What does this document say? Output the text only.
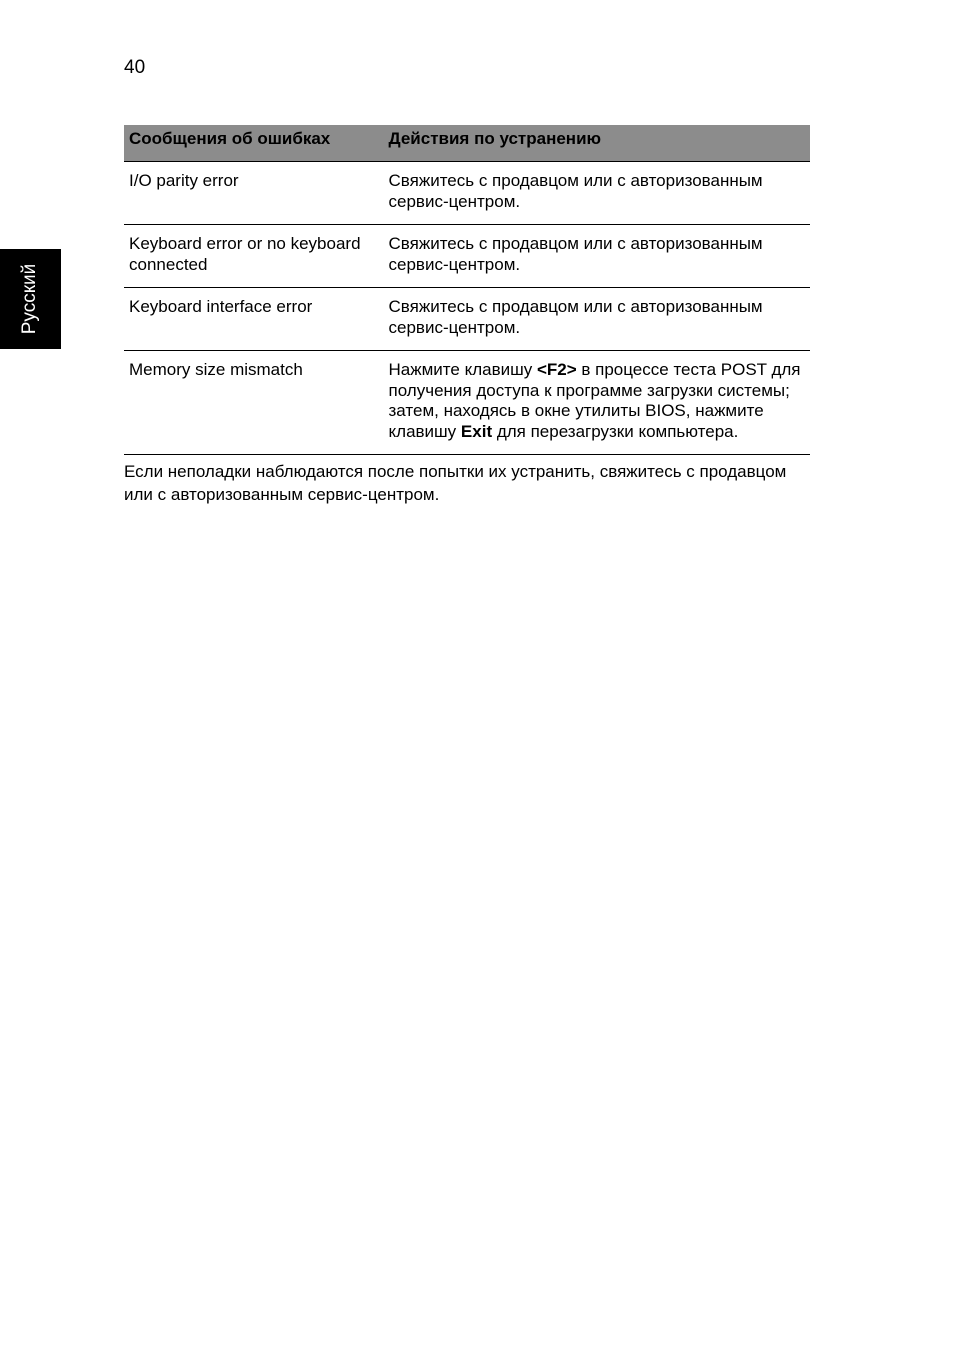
40
Русский
Сообщения об ошибках	Действия по устранению
I/O parity error	Свяжитесь с продавцом или с авторизованным сервис-центром.
Keyboard error or no keyboard connected	Свяжитесь с продавцом или с авторизованным сервис-центром.
Keyboard interface error	Свяжитесь с продавцом или с авторизованным сервис-центром.
Memory size mismatch	Нажмите клавишу <F2> в процессе теста POST для получения доступа к программе загрузки системы; затем, находясь в окне утилиты BIOS, нажмите клавишу Exit для перезагрузки компьютера.
Если неполадки наблюдаются после попытки их устранить, свяжитесь с продавцом или с авторизованным сервис-центром.
